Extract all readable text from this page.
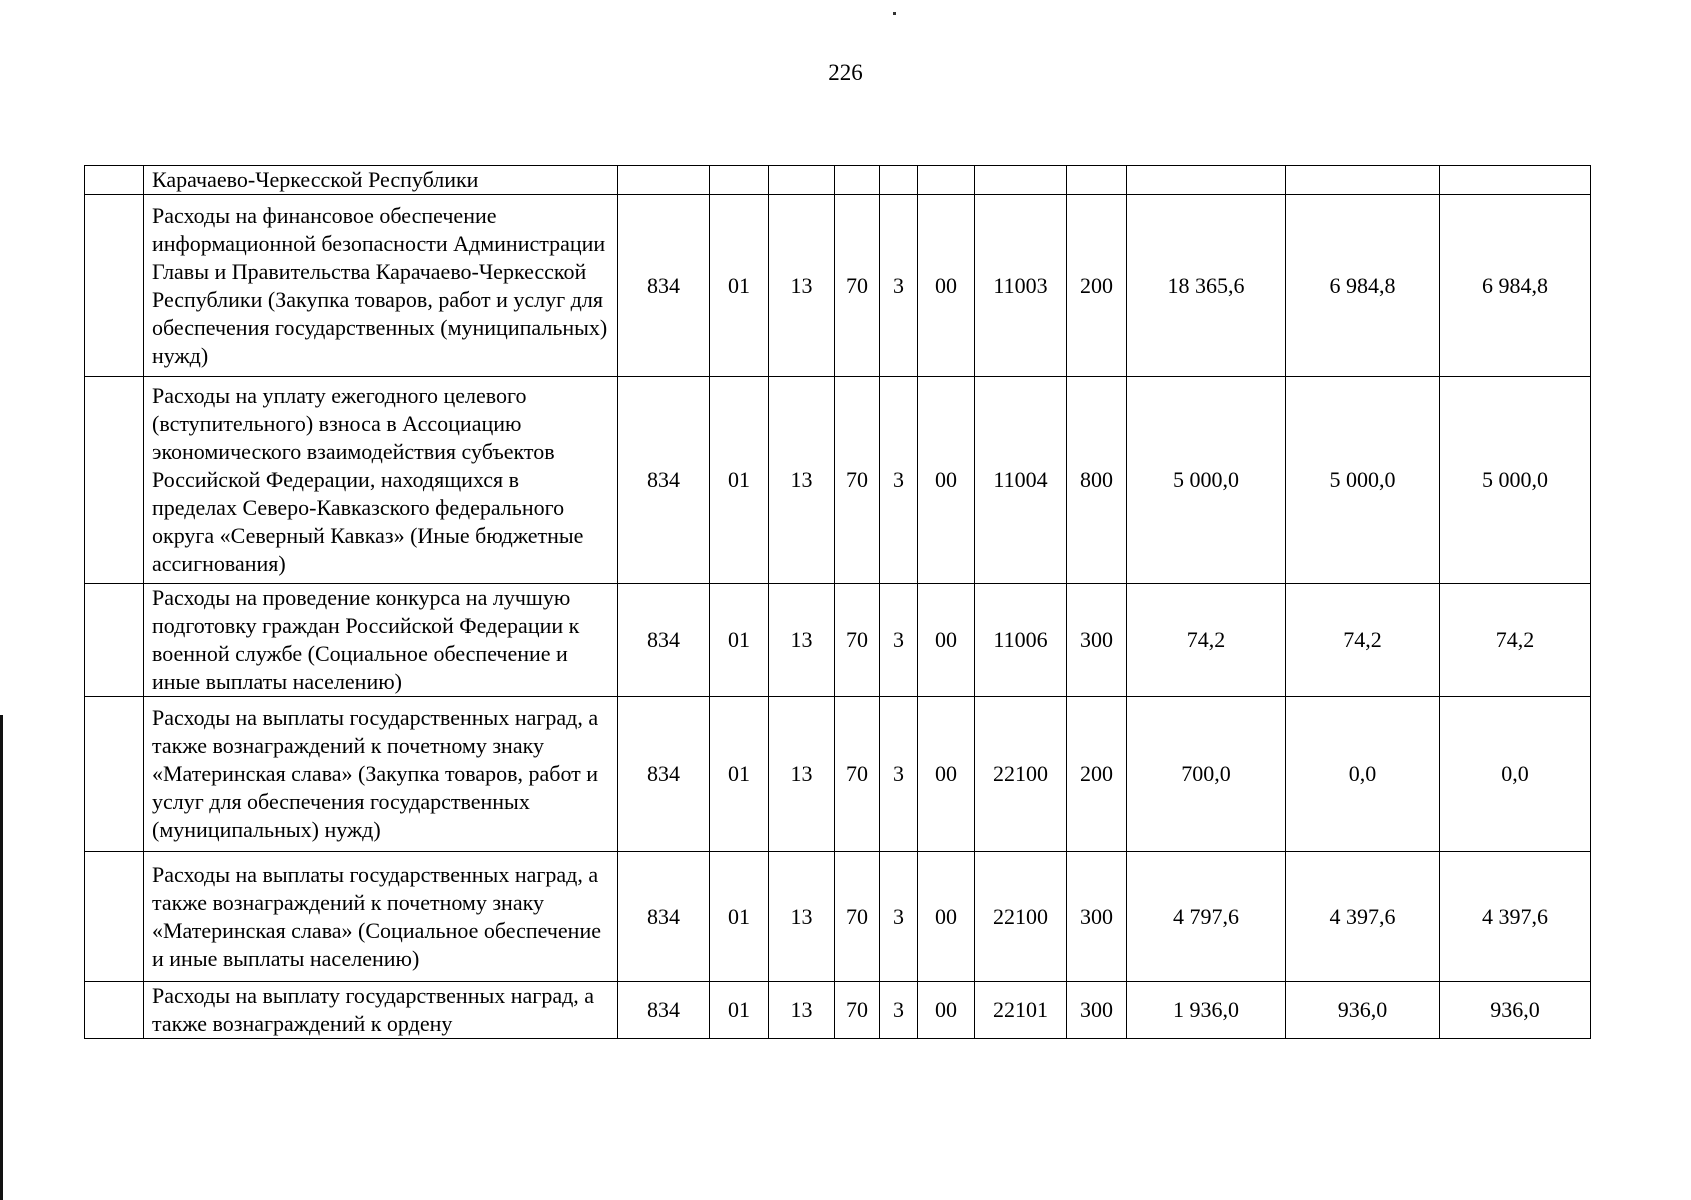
226
	Карачаево-Черкесской Республики											
	Расходы на финансовое обеспечение информационной безопасности Администрации Главы и Правительства Карачаево-Черкесской Республики (Закупка товаров, работ и услуг для обеспечения государственных (муниципальных) нужд)	834	01	13	70	3	00	11003	200	18 365,6	6 984,8	6 984,8
	Расходы на уплату ежегодного целевого (вступительного) взноса в Ассоциацию экономического взаимодействия субъектов Российской Федерации, находящихся в пределах Северо-Кавказского федерального округа «Северный Кавказ» (Иные бюджетные ассигнования)	834	01	13	70	3	00	11004	800	5 000,0	5 000,0	5 000,0
	Расходы на проведение конкурса на лучшую подготовку граждан Российской Федерации к военной службе (Социальное обеспечение и иные выплаты населению)	834	01	13	70	3	00	11006	300	74,2	74,2	74,2
	Расходы на выплаты государственных наград, а также вознаграждений к почетному знаку «Материнская слава» (Закупка товаров, работ и услуг для обеспечения государственных (муниципальных) нужд)	834	01	13	70	3	00	22100	200	700,0	0,0	0,0
	Расходы на выплаты государственных наград, а также вознаграждений к почетному знаку «Материнская слава» (Социальное обеспечение и иные выплаты населению)	834	01	13	70	3	00	22100	300	4 797,6	4 397,6	4 397,6
	Расходы на выплату государственных наград, а также вознаграждений к ордену	834	01	13	70	3	00	22101	300	1 936,0	936,0	936,0
